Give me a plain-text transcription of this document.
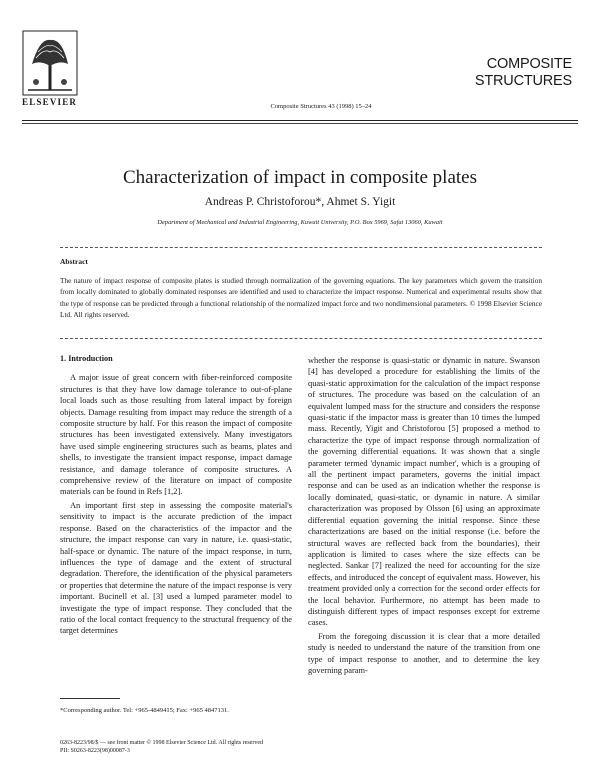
ELSEVIER	Composite Structures 43 (1998) 15–24
COMPOSITE
STRUCTURES
Characterization of impact in composite plates
Andreas P. Christoforou*, Ahmet S. Yigit
Department of Mechanical and Industrial Engineering, Kuwait University, P.O. Box 5969, Safat 13060, Kuwait
Abstract
The nature of impact response of composite plates is studied through normalization of the governing equations. The key parameters which govern the transition from locally dominated to globally dominated responses are identified and used to characterize the impact response. Numerical and experimental results show that the type of response can be predicted through a functional relationship of the normalized impact force and two nondimensional parameters. © 1998 Elsevier Science Ltd. All rights reserved.
1. Introduction

A major issue of great concern with fiber-reinforced composite structures is that they have low damage tolerance to out-of-plane local loads such as those resulting from lateral impact by foreign objects. Damage resulting from impact may reduce the strength of a composite structure by half. For this reason the impact of composite structures has been investigated extensively. Many investigators have used simple engineering structures such as beams, plates and shells, to investigate the transient impact response, impact damage resistance, and damage tolerance of composite structures. A comprehensive review of the literature on impact of composite materials can be found in Refs [1,2].

An important first step in assessing the composite material's sensitivity to impact is the accurate prediction of the impact response. Based on the characteristics of the impactor and the structure, the impact response can vary in nature, i.e. quasi-static, half-space or dynamic. The nature of the impact response, in turn, influences the type of damage and the extent of structural degradation. Therefore, the identification of the physical parameters or properties that determine the nature of the impact response is very important. Bucinell et al. [3] used a lumped parameter model to investigate the type of impact response. They concluded that the ratio of the local contact frequency to the structural frequency of the target determines

whether the response is quasi-static or dynamic in nature. Swanson [4] has developed a procedure for establishing the limits of the quasi-static approximation for the calculation of the impact response of structures. The procedure was based on the calculation of an equivalent lumped mass for the structure and considers the response quasi-static if the impactor mass is greater than 10 times the lumped mass. Recently, Yigit and Christoforou [5] proposed a method to characterize the type of impact response through normalization of the governing differential equations. It was shown that a single parameter termed 'dynamic impact number', which is a grouping of all the pertinent impact parameters, governs the initial impact response and can be used as an indication whether the response is locally dominated, quasi-static, or dynamic in nature. A similar characterization was proposed by Olsson [6] using an approximate differential equation governing the initial response. Since these characterizations are based on the initial response (i.e. before the structural waves are reflected back from the boundaries), their application is limited to cases where the size effects can be neglected. Sankar [7] realized the need for accounting for the size effects, and introduced the concept of equivalent mass. However, his treatment provided only a correction for the second order effects for the local behavior. Furthermore, no attempt has been made to distinguish different types of impact responses except for extreme cases.

From the foregoing discussion it is clear that a more detailed study is needed to understand the nature of the transition from one type of impact response to another, and to determine the key governing param-

*Corresponding author. Tel: +965-4849415; Fax: +965 4847131.
0263-8223/98/$ — see front matter © 1998 Elsevier Science Ltd. All rights reserved
PII: S0263-8223(98)00087-3
